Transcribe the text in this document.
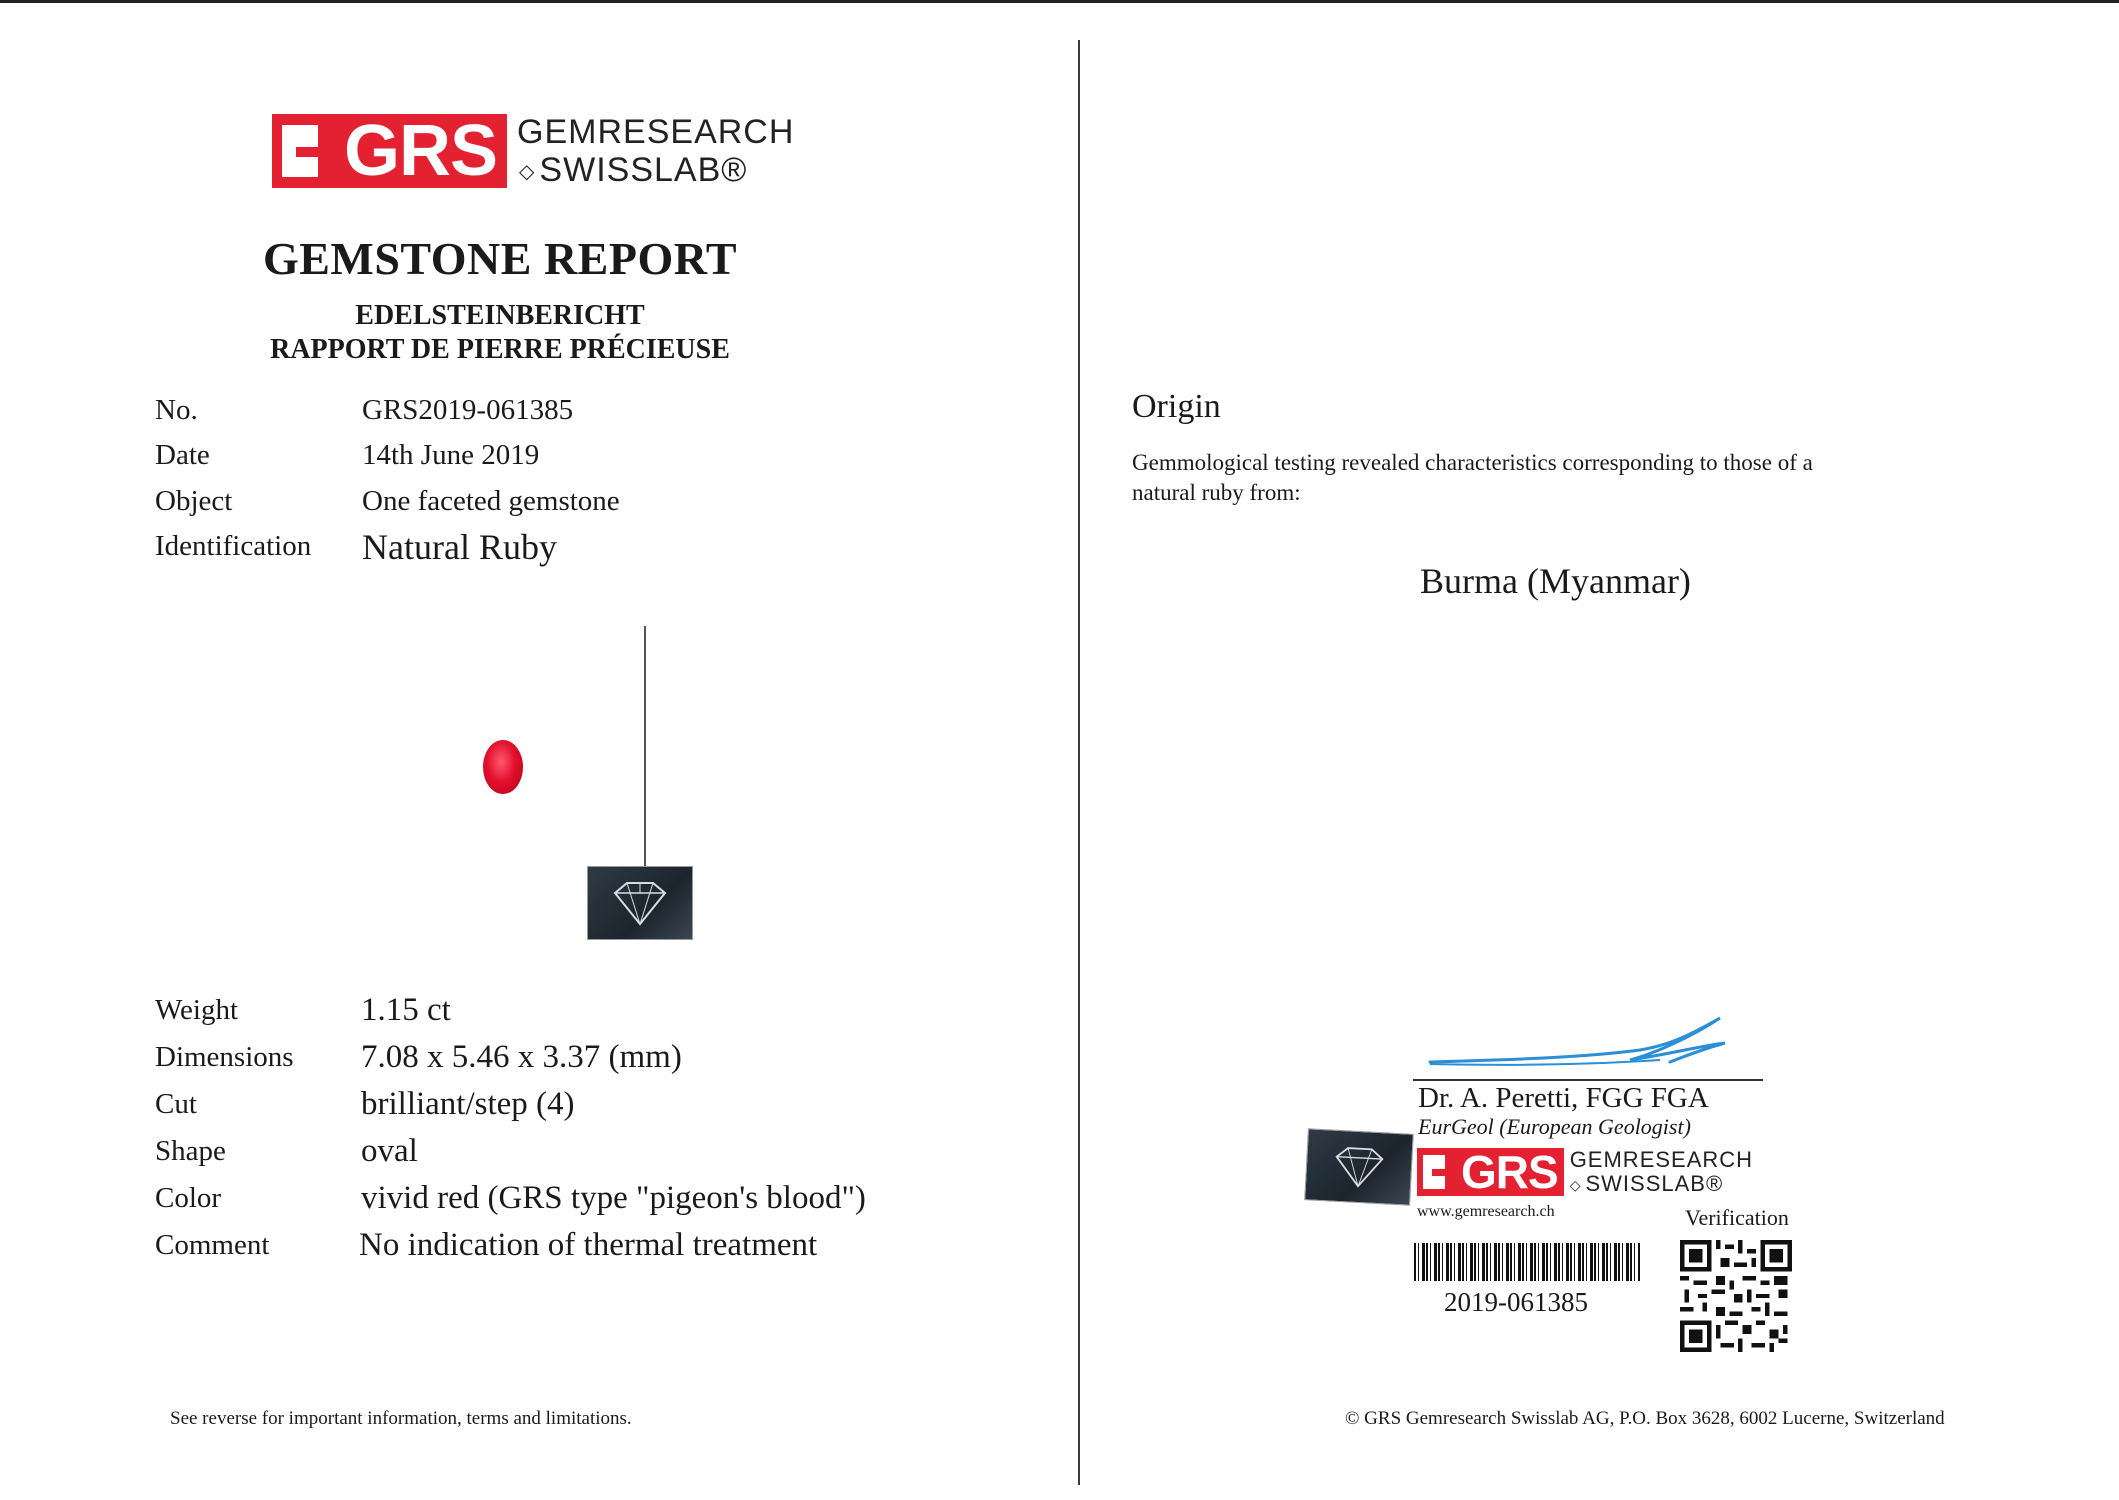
GRS GEMRESEARCH
◇ SWISSLAB®
GEMSTONE REPORT
EDELSTEINBERICHT
RAPPORT DE PIERRE PRÉCIEUSE
No.	GRS2019-061385
Date	14th June 2019
Object	One faceted gemstone
Identification Natural Ruby
Weight	1.15 ct
Dimensions 7.08 x 5.46 x 3.37 (mm)
Cut	brilliant/step (4)
Shape	oval
Color	vivid red (GRS type "pigeon's blood")
Comment	No indication of thermal treatment
See reverse for important information, terms and limitations.
Origin
Gemmological testing revealed characteristics corresponding to those of a natural ruby from:
Burma (Myanmar)
Dr. A. Peretti, FGG FGA
EurGeol (European Geologist)
GRS GEMRESEARCH
◇ SWISSLAB®
www.gemresearch.ch	Verification
2019-061385
© GRS Gemresearch Swisslab AG, P.O. Box 3628, 6002 Lucerne, Switzerland
